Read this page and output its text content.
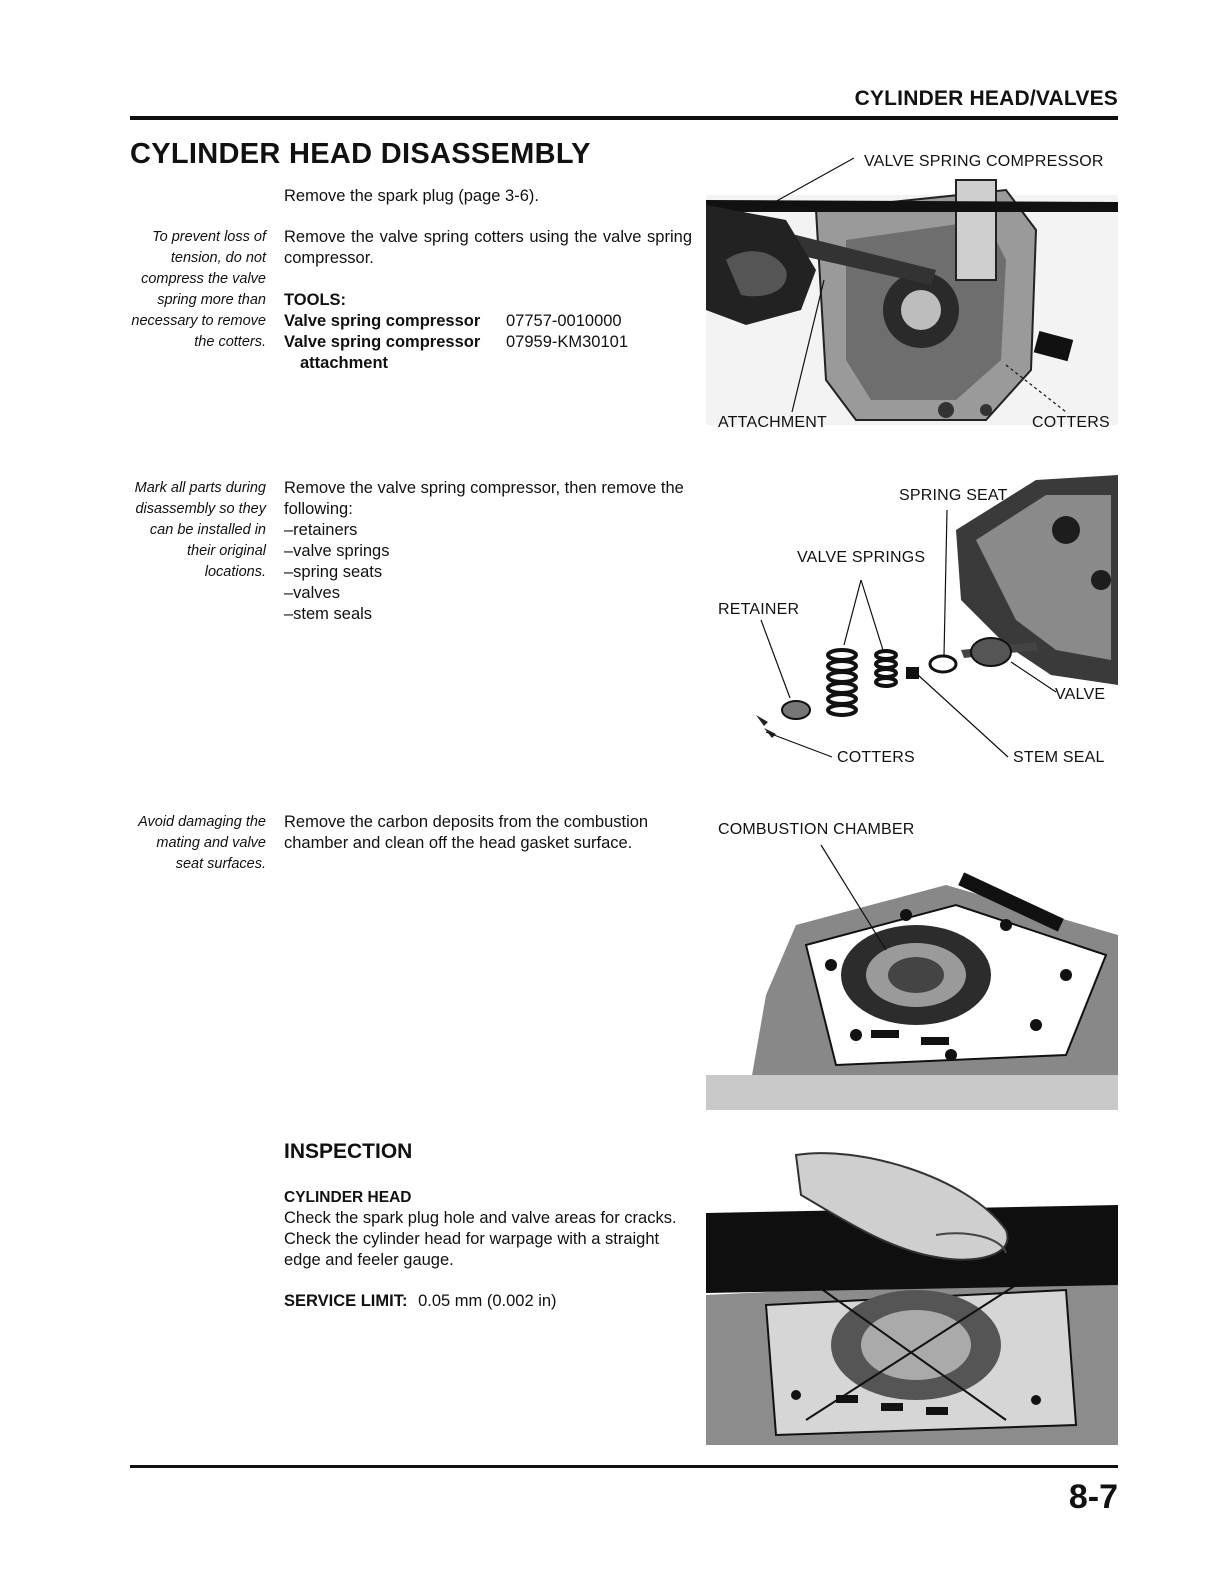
CYLINDER HEAD/VALVES
CYLINDER HEAD DISASSEMBLY
Remove the spark plug (page 3-6).
To prevent loss of tension, do not compress the valve spring more than necessary to remove the cotters.
Remove the valve spring cotters using the valve spring compressor.
TOOLS:
Valve spring compressor	07757-0010000
Valve spring compressor	07959-KM30101
attachment
VALVE SPRING COMPRESSOR
ATTACHMENT	COTTERS
Mark all parts during disassembly so they can be installed in their original locations.

Remove the valve spring compressor, then remove the following:

–retainers

–valve springs

–spring seats

–valves

–stem seals

SPRING SEAT
VALVE SPRINGS
RETAINER
VALVE
COTTERS	STEM SEAL
Avoid damaging the mating and valve seat surfaces.
Remove the carbon deposits from the combustion chamber and clean off the head gasket surface.
COMBUSTION CHAMBER
INSPECTION

CYLINDER HEAD

Check the spark plug hole and valve areas for cracks.

Check the cylinder head for warpage with a straight edge and feeler gauge.

SERVICE LIMIT: 0.05 mm (0.002 in)

8-7
